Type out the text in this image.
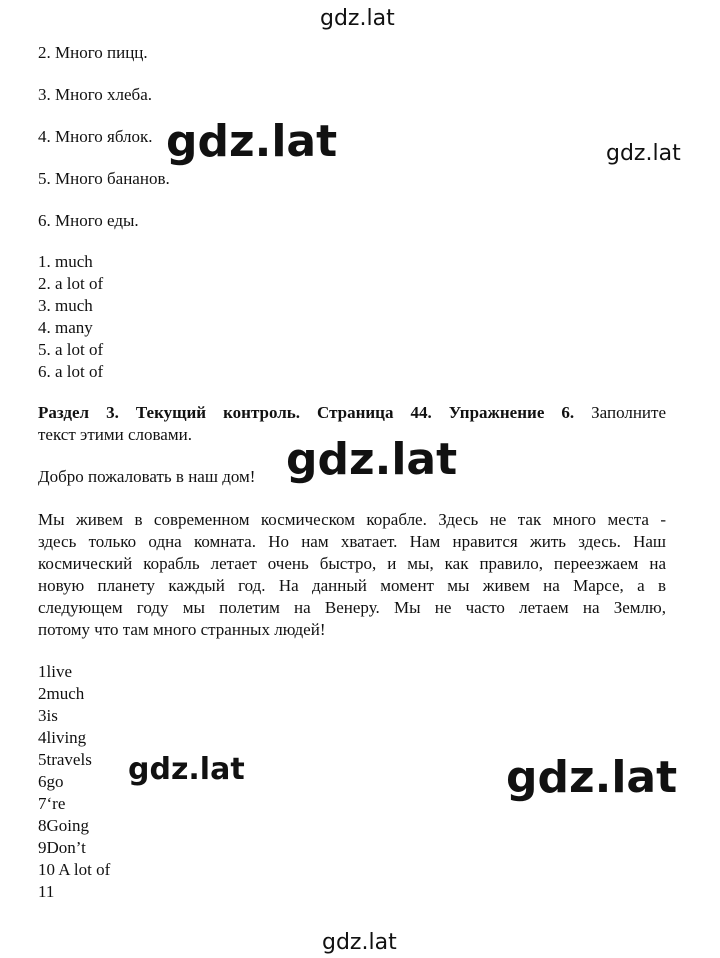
gdz.lat
gdz.lat	gdz.lat
gdz.lat
gdz.lat	gdz.lat
gdz.lat
2. Много пицц.
3. Много хлеба.
4. Много яблок.
5. Много бананов.
6. Много еды.
1. much
2. a lot of
3. much
4. many
5. a lot of
6. a lot of
Раздел 3. Текущий контроль. Страница 44. Упражнение 6. Заполните
текст этими словами.
Добро пожаловать в наш дом!
Мы живем в современном космическом корабле. Здесь не так много места -
здесь только одна комната. Но нам хватает. Нам нравится жить здесь. Наш
космический корабль летает очень быстро, и мы, как правило, переезжаем на
новую планету каждый год. На данный момент мы живем на Марсе, а в
следующем году мы полетим на Венеру. Мы не часто летаем на Землю,
потому что там много странных людей!
1live
2much
3is
4living
5travels
6go
7‘re
8Going
9Don’t
10 A lot of
11
